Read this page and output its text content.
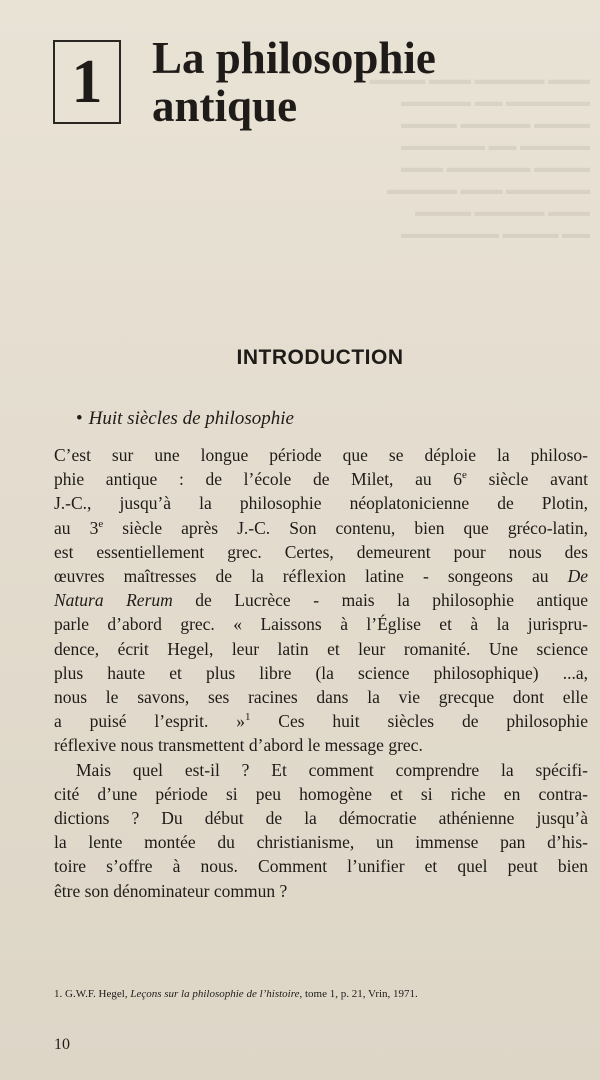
▬▬▬▬ ▬▬▬ ▬▬▬▬▬ ▬▬▬
▬▬▬▬▬ ▬▬ ▬▬▬▬▬▬
▬▬▬▬ ▬▬▬▬▬ ▬▬▬▬
▬▬▬▬▬▬ ▬▬ ▬▬▬▬▬
▬▬▬ ▬▬▬▬▬▬ ▬▬▬▬
▬▬▬▬▬ ▬▬▬ ▬▬▬▬▬▬
▬▬▬▬ ▬▬▬▬▬ ▬▬▬
▬▬▬▬▬▬▬ ▬▬▬▬ ▬▬
1 La philosophie
antique
INTRODUCTION
• Huit siècles de philosophie
C’est sur une longue période que se déploie la philoso-
phie antique : de l’école de Milet, au 6e siècle avant
J.-C., jusqu’à la philosophie néoplatonicienne de Plotin,
au 3e siècle après J.-C. Son contenu, bien que gréco-latin,
est essentiellement grec. Certes, demeurent pour nous des
œuvres maîtresses de la réflexion latine - songeons au De
Natura Rerum de Lucrèce - mais la philosophie antique
parle d’abord grec. « Laissons à l’Église et à la jurispru-
dence, écrit Hegel, leur latin et leur romanité. Une science
plus haute et plus libre (la science philosophique) ...a,
nous le savons, ses racines dans la vie grecque dont elle
a puisé l’esprit. »$^1$ Ces huit siècles de philosophie
réflexive nous transmettent d’abord le message grec.
Mais quel est-il ? Et comment comprendre la spécifi-
cité d’une période si peu homogène et si riche en contra-
dictions ? Du début de la démocratie athénienne jusqu’à
la lente montée du christianisme, un immense pan d’his-
toire s’offre à nous. Comment l’unifier et quel peut bien
être son dénominateur commun ?
1. G.W.F. Hegel, Leçons sur la philosophie de l’histoire, tome 1, p. 21, Vrin, 1971.
10
